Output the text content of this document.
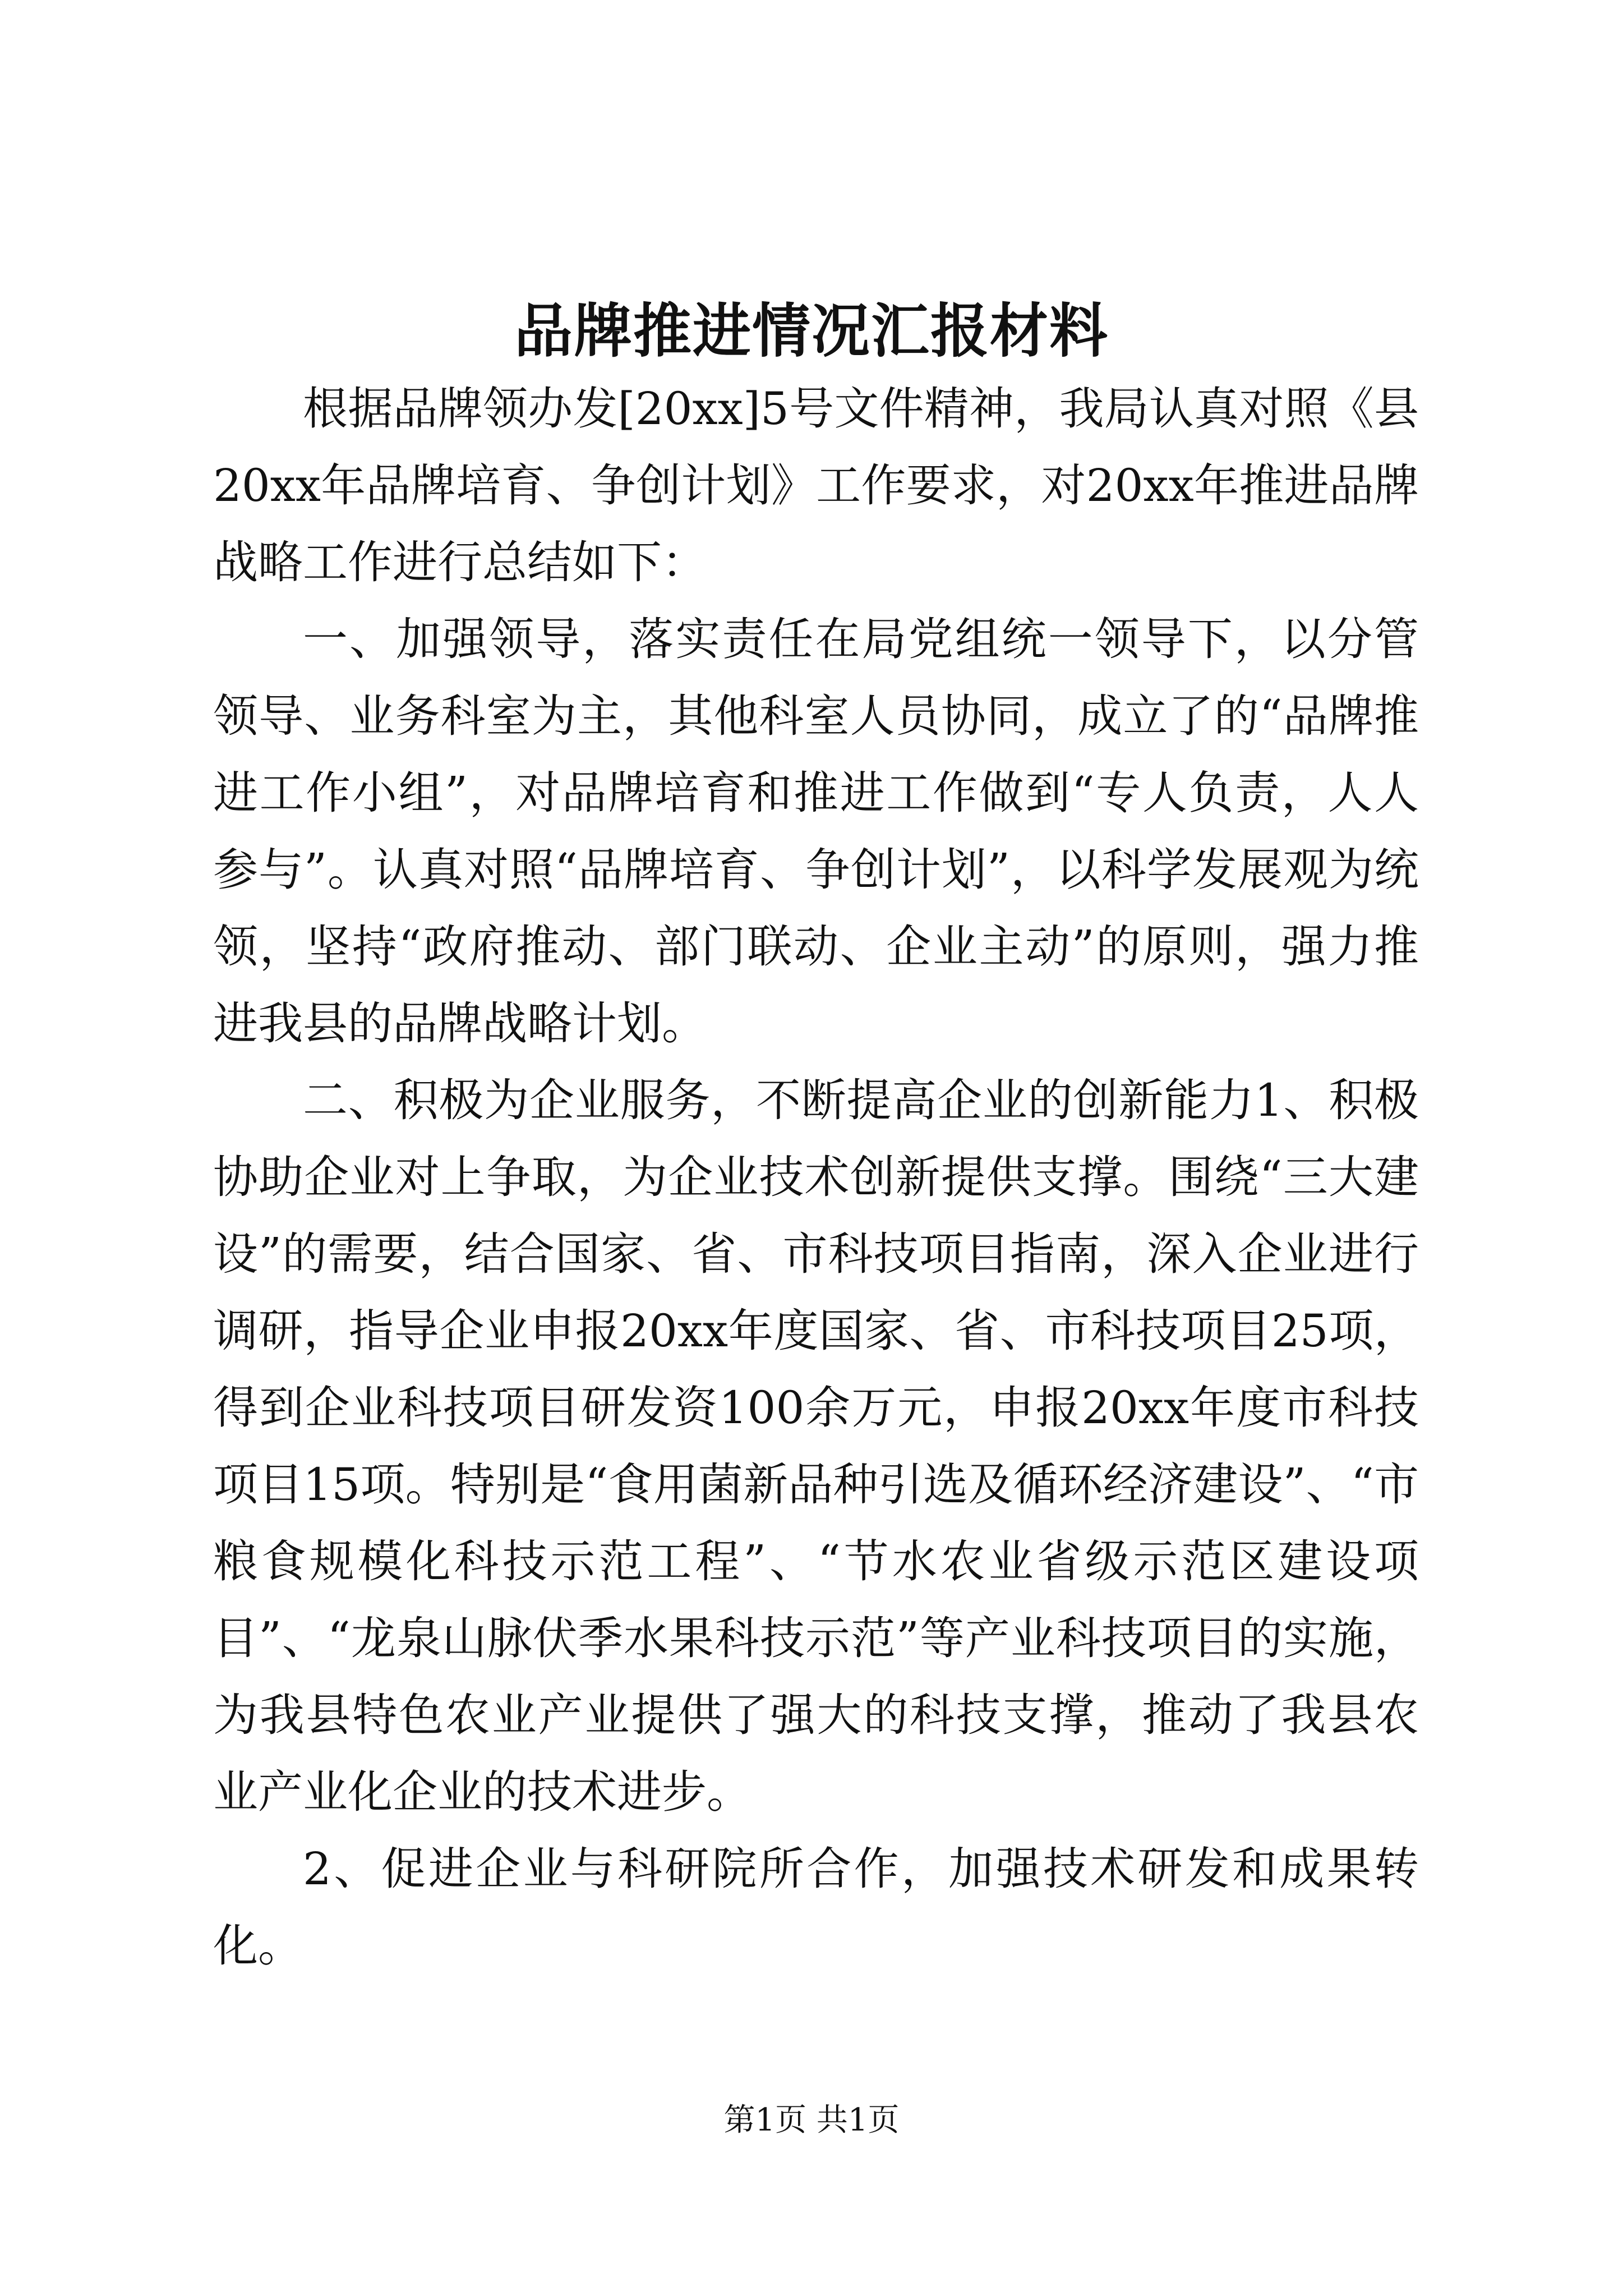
品牌推进情况汇报材料

根据品牌领办发[20xx]5号文件精神，我局认真对照《县20xx年品牌培育、争创计划》工作要求，对20xx年推进品牌战略工作进行总结如下：

一、加强领导，落实责任在局党组统一领导下，以分管领导、业务科室为主，其他科室人员协同，成立了的“品牌推进工作小组”，对品牌培育和推进工作做到“专人负责，人人参与”。认真对照“品牌培育、争创计划”，以科学发展观为统领，坚持“政府推动、部门联动、企业主动”的原则，强力推进我县的品牌战略计划。

二、积极为企业服务，不断提高企业的创新能力1、积极协助企业对上争取，为企业技术创新提供支撑。围绕“三大建设”的需要，结合国家、省、市科技项目指南，深入企业进行调研，指导企业申报20xx年度国家、省、市科技项目25项，得到企业科技项目研发资100余万元，申报20xx年度市科技项目15项。特别是“食用菌新品种引选及循环经济建设”、“市粮食规模化科技示范工程”、“节水农业省级示范区建设项目”、“龙泉山脉伏季水果科技示范”等产业科技项目的实施，为我县特色农业产业提供了强大的科技支撑，推动了我县农业产业化企业的技术进步。

2、促进企业与科研院所合作，加强技术研发和成果转化。

第1页 共1页
